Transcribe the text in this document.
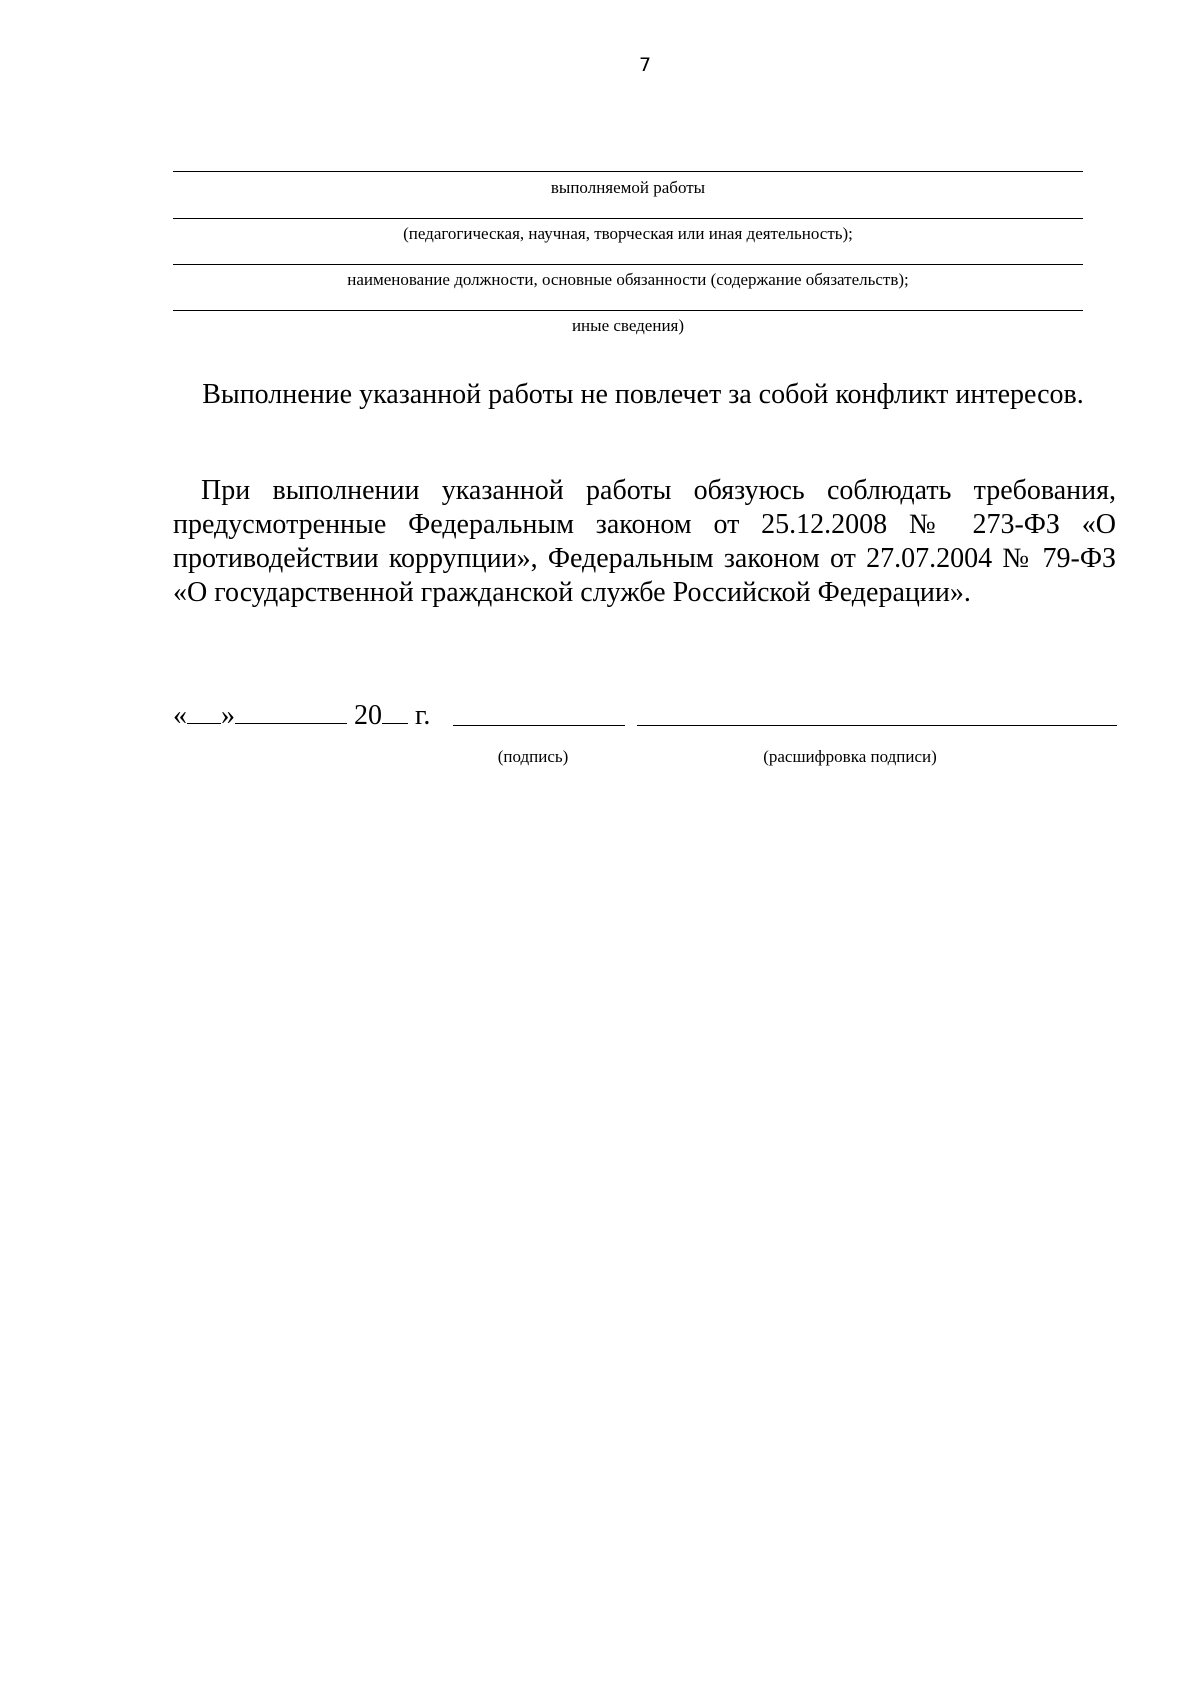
7
выполняемой работы
(педагогическая, научная, творческая или иная деятельность);
наименование должности, основные обязанности (содержание обязательств);
иные сведения)
Выполнение указанной работы не повлечет за собой конфликт интересов.
При выполнении указанной работы обязуюсь соблюдать требования,
предусмотренные Федеральным законом от 25.12.2008 № 273-ФЗ «О
противодействии коррупции», Федеральным законом от 27.07.2004 № 79-ФЗ
«О государственной гражданской службе Российской Федерации».
« »	20 г.
(подпись)	(расшифровка подписи)
